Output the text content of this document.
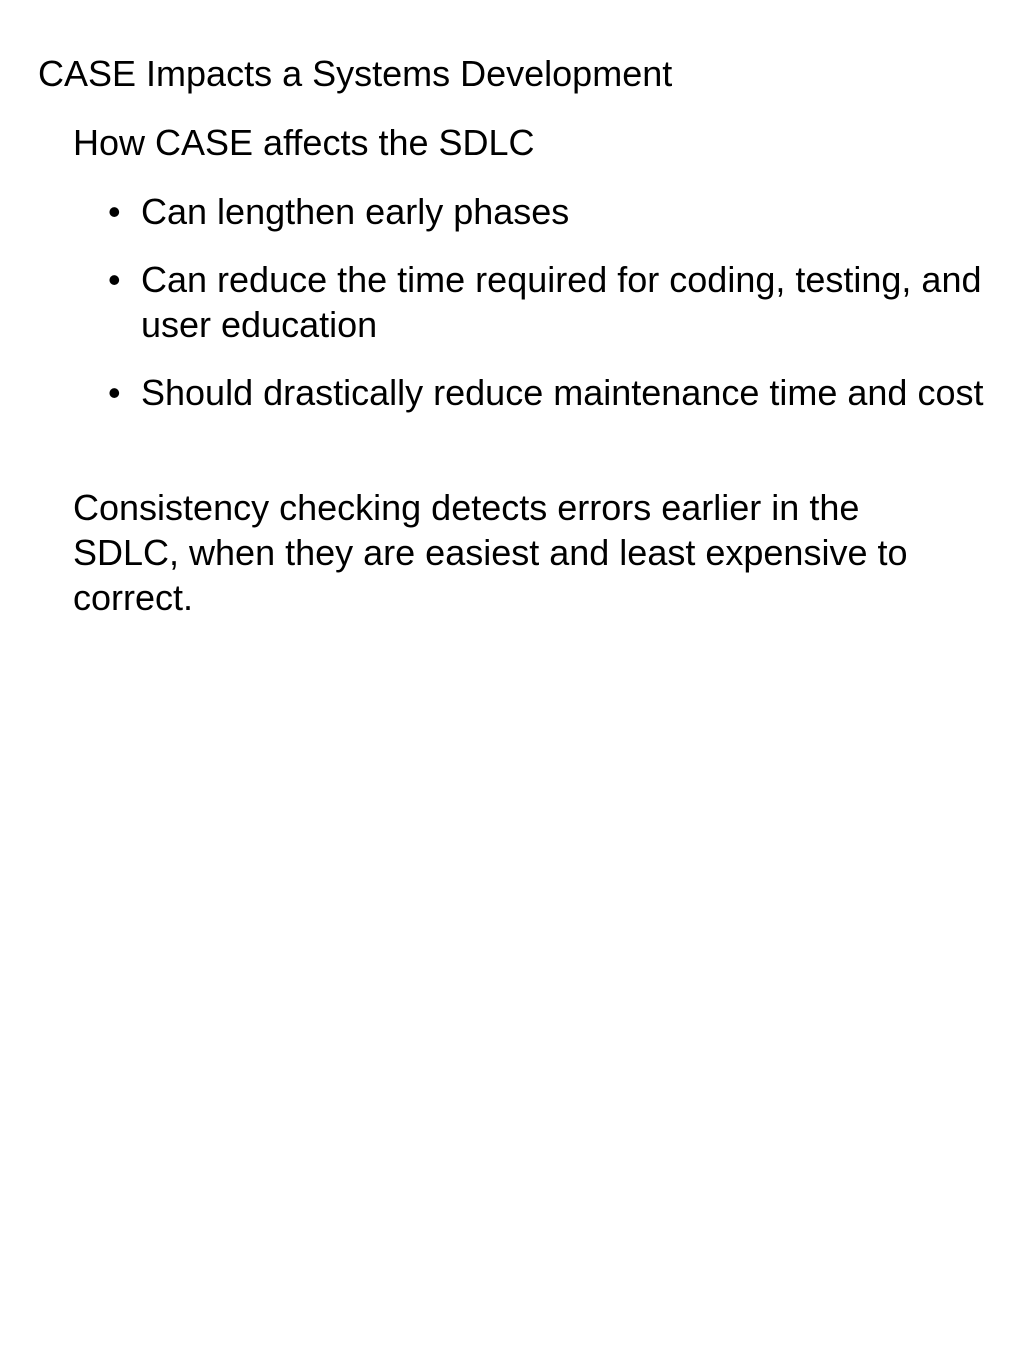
CASE Impacts a Systems Development
How CASE affects the SDLC
• Can lengthen early phases
• Can reduce the time required for coding, testing, and user education
• Should drastically reduce maintenance time and cost
Consistency checking detects errors earlier in the SDLC, when they are easiest and least expensive to correct.
